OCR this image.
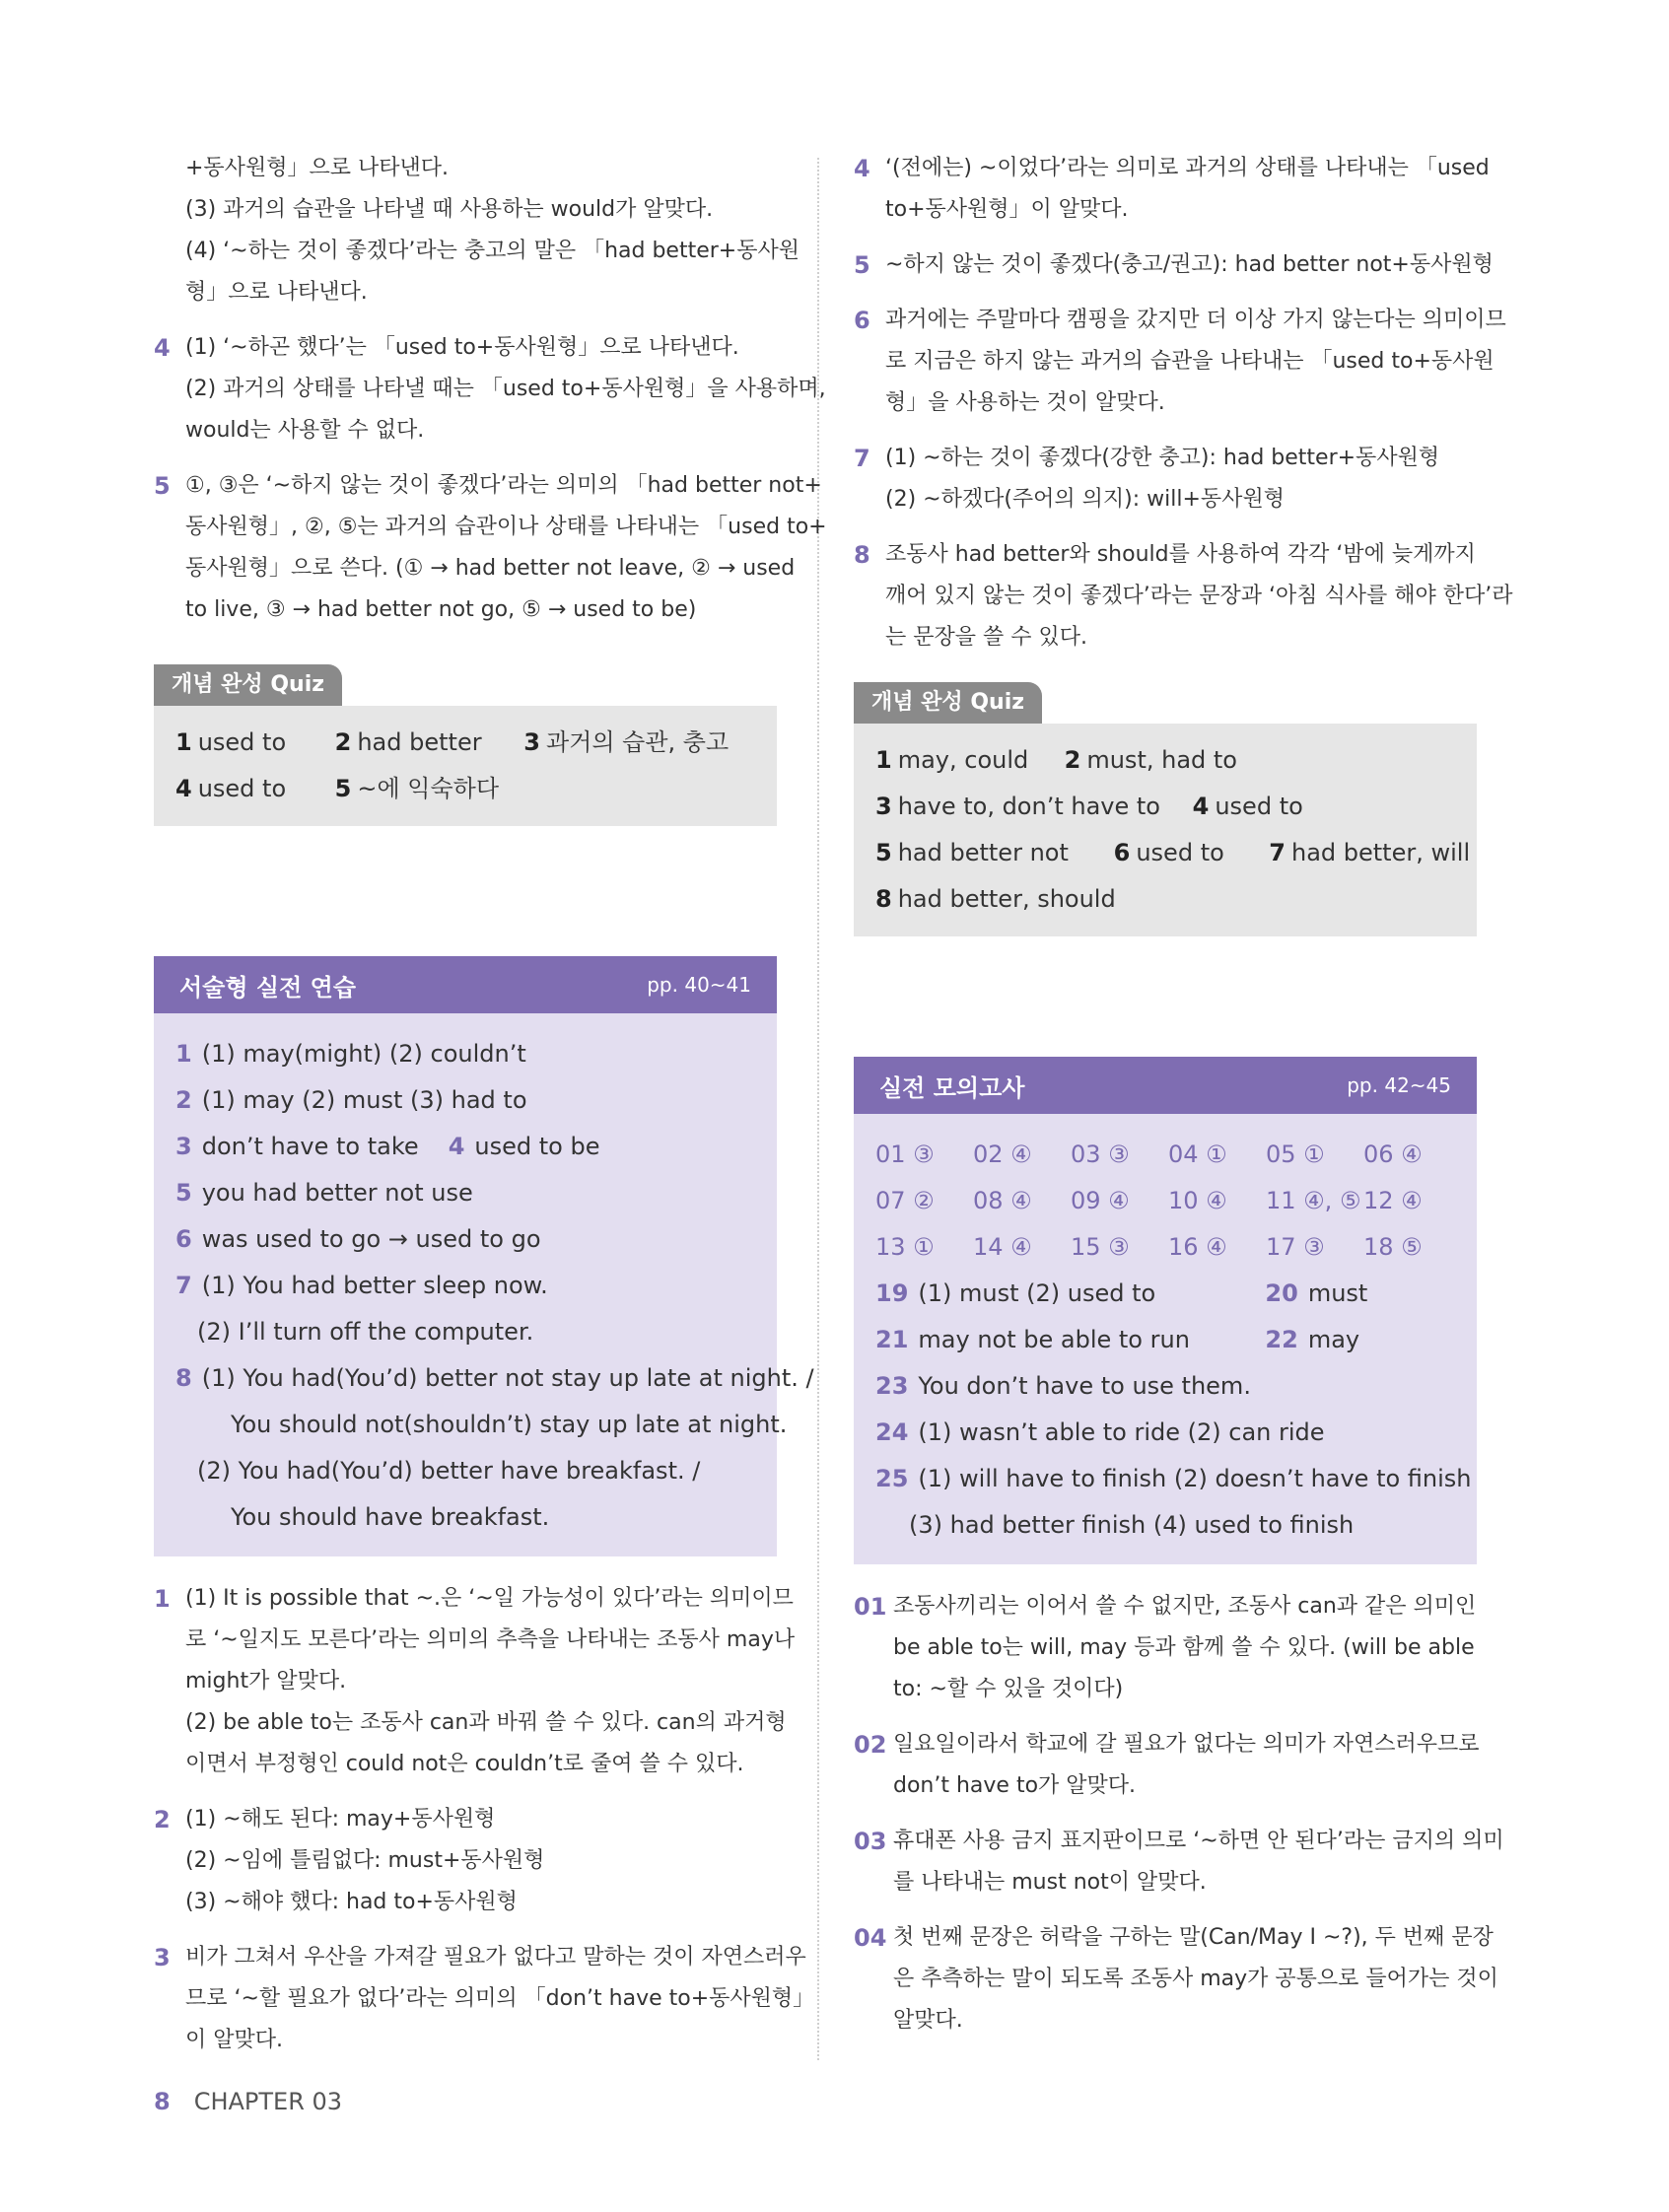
+동사원형」으로 나타낸다.
(3) 과거의 습관을 나타낼 때 사용하는 would가 알맞다.
(4) ‘~하는 것이 좋겠다’라는 충고의 말은 「had better+동사원
형」으로 나타낸다.
4 (1) ‘~하곤 했다’는 「used to+동사원형」으로 나타낸다.
(2) 과거의 상태를 나타낼 때는 「used to+동사원형」을 사용하며,
would는 사용할 수 없다.
5 ①, ③은 ‘~하지 않는 것이 좋겠다’라는 의미의 「had better not+
동사원형」, ②, ⑤는 과거의 습관이나 상태를 나타내는 「used to+
동사원형」으로 쓴다. (① → had better not leave, ② → used
to live, ③ → had better not go, ⑤ → used to be)
개념 완성 Quiz
1 used to 2 had better 3 과거의 습관, 충고
4 used to 5 ~에 익숙하다
서술형 실전 연습	pp. 40~41
1 (1) may(might) (2) couldn’t
2 (1) may (2) must (3) had to
3 don’t have to take 4 used to be
5 you had better not use
6 was used to go → used to go
7 (1) You had better sleep now.
(2) I’ll turn off the computer.
8 (1) You had(You’d) better not stay up late at night. /
You should not(shouldn’t) stay up late at night.
(2) You had(You’d) better have breakfast. /
You should have breakfast.
1 (1) It is possible that ~.은 ‘~일 가능성이 있다’라는 의미이므
로 ‘~일지도 모른다’라는 의미의 추측을 나타내는 조동사 may나
might가 알맞다.
(2) be able to는 조동사 can과 바꿔 쓸 수 있다. can의 과거형
이면서 부정형인 could not은 couldn’t로 줄여 쓸 수 있다.
2 (1) ~해도 된다: may+동사원형
(2) ~임에 틀림없다: must+동사원형
(3) ~해야 했다: had to+동사원형
3 비가 그쳐서 우산을 가져갈 필요가 없다고 말하는 것이 자연스러우
므로 ‘~할 필요가 없다’라는 의미의 「don’t have to+동사원형」
이 알맞다.
4 ‘(전에는) ~이었다’라는 의미로 과거의 상태를 나타내는 「used
to+동사원형」이 알맞다.
5 ~하지 않는 것이 좋겠다(충고/권고): had better not+동사원형
6 과거에는 주말마다 캠핑을 갔지만 더 이상 가지 않는다는 의미이므
로 지금은 하지 않는 과거의 습관을 나타내는 「used to+동사원
형」을 사용하는 것이 알맞다.
7 (1) ~하는 것이 좋겠다(강한 충고): had better+동사원형
(2) ~하겠다(주어의 의지): will+동사원형
8 조동사 had better와 should를 사용하여 각각 ‘밤에 늦게까지
깨어 있지 않는 것이 좋겠다’라는 문장과 ‘아침 식사를 해야 한다’라
는 문장을 쓸 수 있다.
개념 완성 Quiz
1 may, could 2 must, had to
3 have to, don’t have to 4 used to
5 had better not 6 used to 7 had better, will
8 had better, should
실전 모의고사	pp. 42~45
01 ③	02 ④	03 ③	04 ①	05 ①	06 ④
07 ②	08 ④	09 ④	10 ④	11 ④, ⑤ 12 ④
13 ①	14 ④	15 ③	16 ④	17 ③	18 ⑤
19 (1) must (2) used to	20 must
21 may not be able to run	22 may
23 You don’t have to use them.
24 (1) wasn’t able to ride (2) can ride
25 (1) will have to finish (2) doesn’t have to finish
(3) had better finish (4) used to finish
01 조동사끼리는 이어서 쓸 수 없지만, 조동사 can과 같은 의미인
be able to는 will, may 등과 함께 쓸 수 있다. (will be able
to: ~할 수 있을 것이다)
02 일요일이라서 학교에 갈 필요가 없다는 의미가 자연스러우므로
don’t have to가 알맞다.
03 휴대폰 사용 금지 표지판이므로 ‘~하면 안 된다’라는 금지의 의미
를 나타내는 must not이 알맞다.
04 첫 번째 문장은 허락을 구하는 말(Can/May I ~?), 두 번째 문장
은 추측하는 말이 되도록 조동사 may가 공통으로 들어가는 것이
알맞다.
8 CHAPTER 03
